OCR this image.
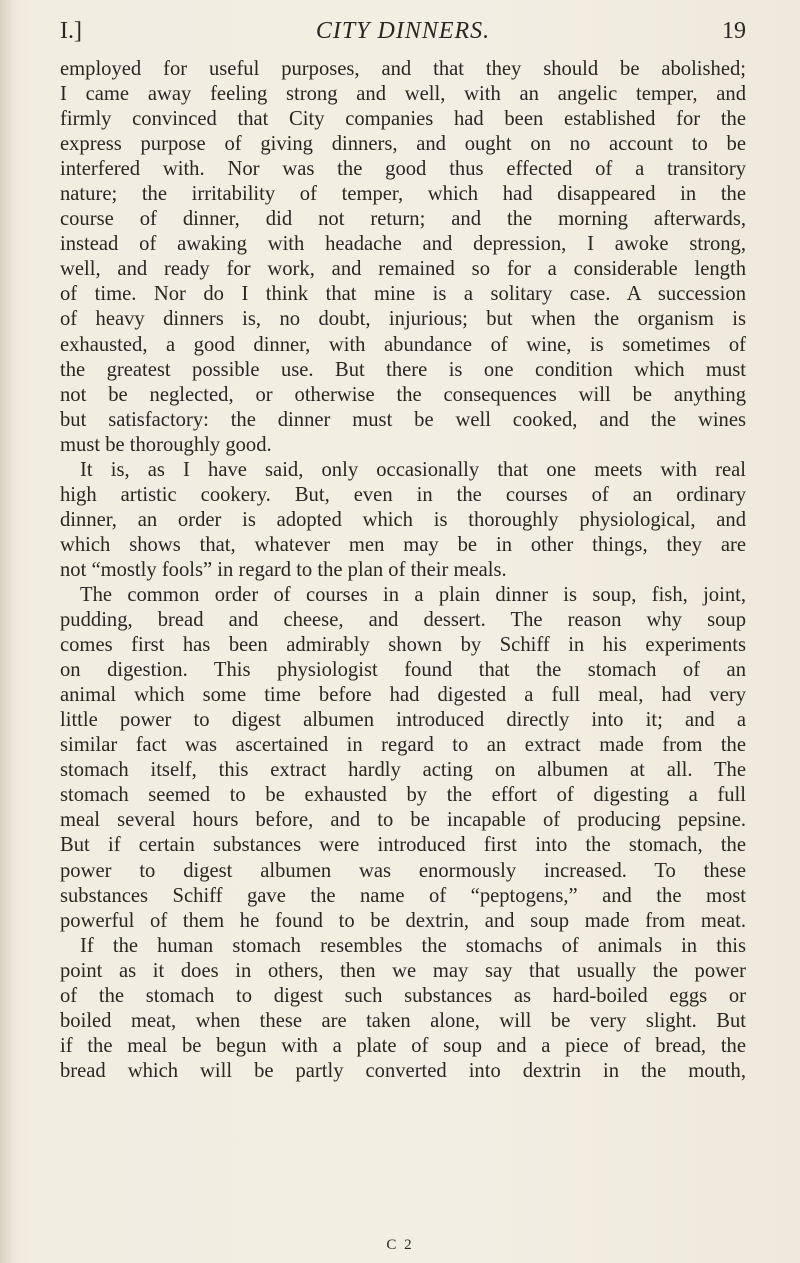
I.]	CITY DINNERS.	19
employed for useful purposes, and that they should be abolished;
I came away feeling strong and well, with an angelic temper, and
firmly convinced that City companies had been established for the
express purpose of giving dinners, and ought on no account to be
interfered with. Nor was the good thus effected of a transitory
nature; the irritability of temper, which had disappeared in the
course of dinner, did not return; and the morning afterwards,
instead of awaking with headache and depression, I awoke strong,
well, and ready for work, and remained so for a considerable length
of time. Nor do I think that mine is a solitary case. A succession
of heavy dinners is, no doubt, injurious; but when the organism is
exhausted, a good dinner, with abundance of wine, is sometimes of
the greatest possible use. But there is one condition which must
not be neglected, or otherwise the consequences will be anything
but satisfactory: the dinner must be well cooked, and the wines
must be thoroughly good.
It is, as I have said, only occasionally that one meets with real
high artistic cookery. But, even in the courses of an ordinary
dinner, an order is adopted which is thoroughly physiological, and
which shows that, whatever men may be in other things, they are
not “mostly fools” in regard to the plan of their meals.
The common order of courses in a plain dinner is soup, fish, joint,
pudding, bread and cheese, and dessert. The reason why soup
comes first has been admirably shown by Schiff in his experiments
on digestion. This physiologist found that the stomach of an
animal which some time before had digested a full meal, had very
little power to digest albumen introduced directly into it; and a
similar fact was ascertained in regard to an extract made from the
stomach itself, this extract hardly acting on albumen at all. The
stomach seemed to be exhausted by the effort of digesting a full
meal several hours before, and to be incapable of producing pepsine.
But if certain substances were introduced first into the stomach, the
power to digest albumen was enormously increased. To these
substances Schiff gave the name of “peptogens,” and the most
powerful of them he found to be dextrin, and soup made from meat.
If the human stomach resembles the stomachs of animals in this
point as it does in others, then we may say that usually the power
of the stomach to digest such substances as hard-boiled eggs or
boiled meat, when these are taken alone, will be very slight. But
if the meal be begun with a plate of soup and a piece of bread, the
bread which will be partly converted into dextrin in the mouth,
C 2
